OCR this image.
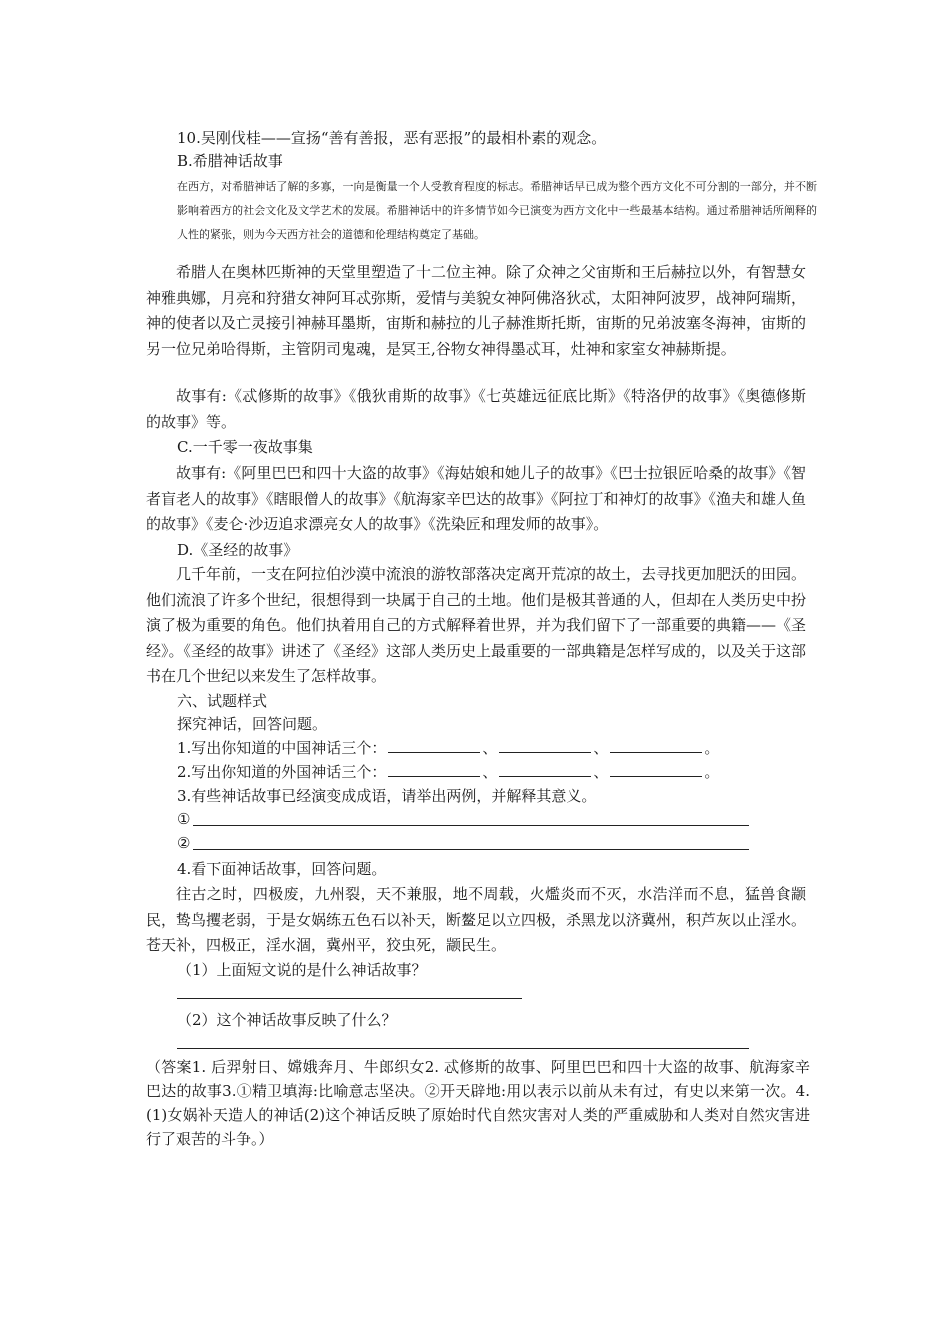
10.吴刚伐桂——宣扬“善有善报，恶有恶报”的最相朴素的观念。
B.希腊神话故事
在西方，对希腊神话了解的多寡，一向是衡量一个人受教育程度的标志。希腊神话早已成为整个西方文化不可分割的一部分，并不断影响着西方的社会文化及文学艺术的发展。希腊神话中的许多情节如今已演变为西方文化中一些最基本结构。通过希腊神话所阐释的人性的紧张，则为今天西方社会的道德和伦理结构奠定了基础。
希腊人在奥林匹斯神的天堂里塑造了十二位主神。除了众神之父宙斯和王后赫拉以外，有智慧女神雅典娜，月亮和狩猎女神阿耳忒弥斯，爱情与美貌女神阿佛洛狄忒，太阳神阿波罗，战神阿瑞斯，神的使者以及亡灵接引神赫耳墨斯，宙斯和赫拉的儿子赫淮斯托斯，宙斯的兄弟波塞冬海神，宙斯的另一位兄弟哈得斯，主管阴司鬼魂，是冥王,谷物女神得墨忒耳，灶神和家室女神赫斯提。
故事有:《忒修斯的故事》《俄狄甫斯的故事》《七英雄远征底比斯》《特洛伊的故事》《奥德修斯的故事》等。
C.一千零一夜故事集
故事有:《阿里巴巴和四十大盗的故事》《海姑娘和她儿子的故事》《巴士拉银匠哈桑的故事》《智者盲老人的故事》《瞎眼僧人的故事》《航海家辛巴达的故事》《阿拉丁和神灯的故事》《渔夫和雄人鱼的故事》《麦仑·沙迈追求漂亮女人的故事》《洗染匠和理发师的故事》。
D.《圣经的故事》
几千年前，一支在阿拉伯沙漠中流浪的游牧部落决定离开荒凉的故土，去寻找更加肥沃的田园。他们流浪了许多个世纪，很想得到一块属于自己的土地。他们是极其普通的人，但却在人类历史中扮演了极为重要的角色。他们执着用自己的方式解释着世界，并为我们留下了一部重要的典籍——《圣经》。《圣经的故事》讲述了《圣经》这部人类历史上最重要的一部典籍是怎样写成的，以及关于这部书在几个世纪以来发生了怎样故事。
六、试题样式
探究神话，回答问题。
1.写出你知道的中国神话三个：	、	、	。
2.写出你知道的外国神话三个：	、	、	。
3.有些神话故事已经演变成成语，请举出两例，并解释其意义。
①
②
4.看下面神话故事，回答问题。
往古之时，四极废，九州裂，天不兼服，地不周载，火爁炎而不灭，水浩洋而不息，猛兽食颛民，鸷鸟攫老弱，于是女娲练五色石以补天，断鳌足以立四极，杀黑龙以济冀州，积芦灰以止淫水。苍天补，四极正，淫水涸，冀州平，狡虫死，颛民生。
（1）上面短文说的是什么神话故事？
（2）这个神话故事反映了什么？
（答案1. 后羿射日、嫦娥奔月、牛郎织女2. 忒修斯的故事、阿里巴巴和四十大盗的故事、航海家辛巴达的故事3.①精卫填海:比喻意志坚决。②开天辟地:用以表示以前从未有过，有史以来第一次。4.(1)女娲补天造人的神话(2)这个神话反映了原始时代自然灾害对人类的严重威胁和人类对自然灾害进行了艰苦的斗争。）
